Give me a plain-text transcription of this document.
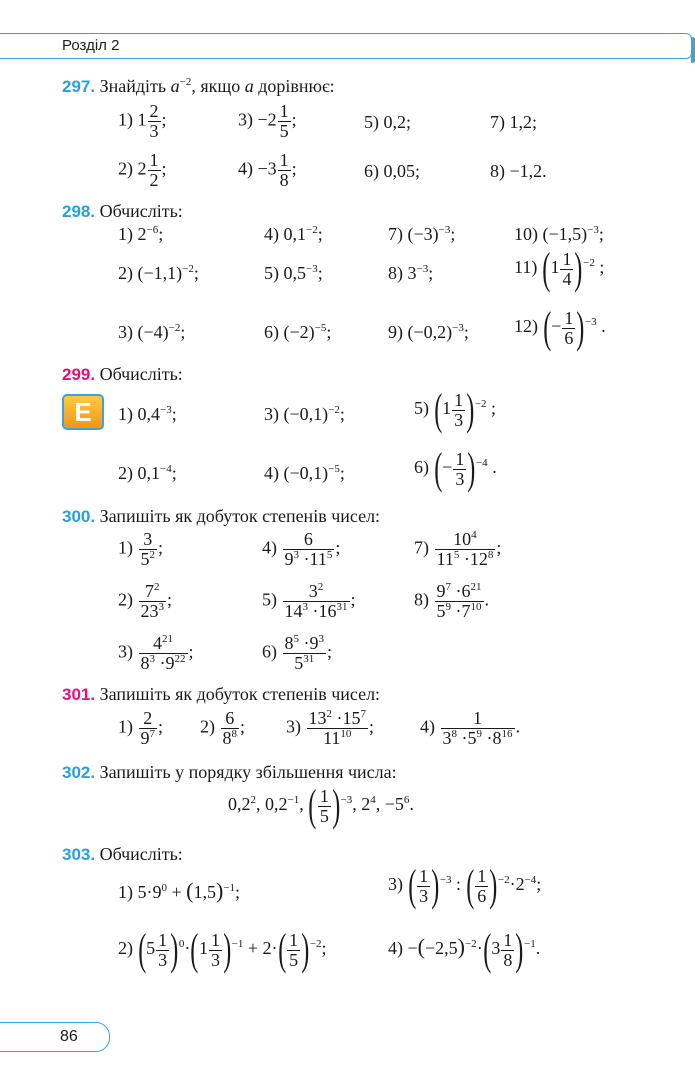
Розділ 2
297. Знайдіть $a^{-2}$, якщо a дорівнює:
1) $1 \frac{2}{3}$ ;	$3) -2 \frac{1}{5}$ ;	5) 0,2;	7) 1,2;
2) $2 \frac{1}{2}$ ;	$4) -3 \frac{1}{8}$ ;	6) 0,05;	8) −1,2.
298. Обчисліть:
1) $2^{-6}$;	4) $0,1^{-2}$;	7) $(-3)^{-3}$;	10) $(-1,5)^{-3}$;
2) $(-1,1)^{-2}$;	5) $0,5^{-3}$;	8) $3^{-3}$;	11) $(1 \frac{1}{4} )^{-2}$ ;
3) $(-4)^{-2}$;	6) $(-2)^{-5}$;	9) $(-0,2)^{-3}$;	12) (− $\frac{1}{6} )^{-3}$ .
299. Обчисліть:
E	1) $0,4^{-3}$;	3) $(-0,1)^{-2}$;	5) $(1 \frac{1}{3} )^{-2}$ ;
2) $0,1^{-4}$;	4) $(-0,1)^{-5}$;	6) (− $\frac{1}{3} )^{-4}$ .
300. Запишіть як добуток степенів чисел:
$1) \frac{3}{5^2}$ ;	$4) \frac{6}{9^3 \cdot 11^5}$ ;	$7) \frac{10^4}{11^5 \cdot 12^8}$ ;
$2) \frac{7^2}{23^3}$ ;	$5) \frac{3^2}{14^3 \cdot 16^{31}}$ ;	$8) \frac{9^7 \cdot 6^{21}}{5^9 \cdot 7^{10}}$ .
$3) \frac{4^{21}}{8^3 \cdot 9^{22}}$ ;	$6) \frac{8^5 \cdot 9^3}{5^{31}}$ ;
301. Запишіть як добуток степенів чисел:
$1) \frac{2}{9^7}$ ; $2) \frac{6}{8^8}$ ; $3) \frac{13^2 \cdot 15^7}{11^{10}}$ ;	$4) \frac{1}{3^8 \cdot 5^9 \cdot 8^{16}}$ .
302. Запишіть у порядку збільшення числа:
$0,2^2$, $0,2^{-1}$, ( $\frac{1}{5} )^{-3}$, $2^4$, $-5^6$.
303. Обчисліть:
1) $5\cdot 9^0 + (1,5)^{-1}$;	3) ( $\frac{1}{3} )^{-3}$ : ( $\frac{1}{6} )^{-2}\cdot 2^{-4}$;
2) $(5 \frac{1}{3} )^0\cdot(1 \frac{1}{3} )^{-1} + 2\cdot( \frac{1}{5} )^{-2}$;	$4) -(-2,5)^{-2}\cdot(3 \frac{1}{8} )^{-1}$.
86
